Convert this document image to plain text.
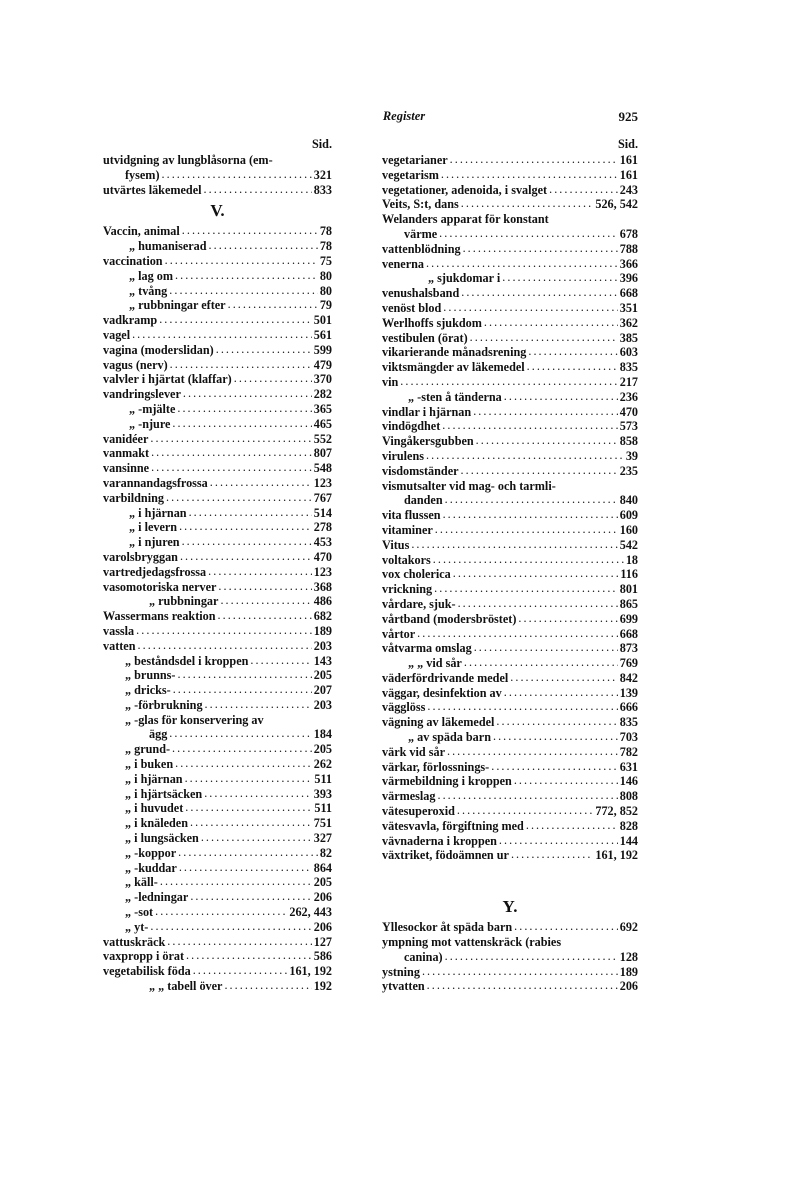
Register	925
Sid.
utvidgning av lungblåsorna (em-
fysem) . . .	321
utvärtes läkemedel . . .	833
V.
Vaccin, animal . . .	78
„ humaniserad . . .	78
vaccination . . .	75
„ lag om . . .	80
„ tvång . . .	80
„ rubbningar efter . . .	79
vadkramp . . .	501
vagel . . .	561
vagina (moderslidan) . . .	599
vagus (nerv) . . .	479
valvler i hjärtat (klaffar) . . .	370
vandringslever . . .	282
„ -mjälte . . .	365
„ -njure . . .	465
vanidéer . . .	552
vanmakt . . .	807
vansinne . . .	548
varannandagsfrossa . . .	123
varbildning . . .	767
„ i hjärnan . . .	514
„ i levern . . .	278
„ i njuren . . .	453
varolsbryggan . . .	470
vartredjedagsfrossa . . .	123
vasomotoriska nerver . . .	368
„ rubbningar . . .	486
Wassermans reaktion . . .	682
vassla . . .	189
vatten . . .	203
„ beståndsdel i kroppen . . .	143
„ brunns- . . .	205
„ dricks- . . .	207
„ -förbrukning . . .	203
„ -glas för konservering av
ägg . . .	184
„ grund- . . .	205
„ i buken . . .	262
„ i hjärnan . . .	511
„ i hjärtsäcken . . .	393
„ i huvudet . . .	511
„ i knäleden . . .	751
„ i lungsäcken . . .	327
„ -koppor . . .	82
„ -kuddar . . .	864
„ käll- . . .	205
„ -ledningar . . .	206
„ -sot . . .	262, 443
„ yt- . . .	206
vattuskräck . . .	127
vaxpropp i örat . . .	586
vegetabilisk föda . . .	161, 192
„ „ tabell över . . .	192
Sid.
vegetarianer . . .	161
vegetarism . . .	161
vegetationer, adenoida, i svalget . . .	243
Veits, S:t, dans . . .	526, 542
Welanders apparat för konstant
värme . . .	678
vattenblödning . . .	788
venerna . . .	366
„ sjukdomar i . . .	396
venushalsband . . .	668
venöst blod . . .	351
Werlhoffs sjukdom . . .	362
vestibulen (örat) . . .	385
vikarierande månadsrening . . .	603
viktsmängder av läkemedel . . .	835
vin . . .	217
„ -sten å tänderna . . .	236
vindlar i hjärnan . . .	470
vindögdhet . . .	573
Vingåkersgubben . . .	858
virulens . . .	39
visdomständer . . .	235
vismutsalter vid mag- och tarmli-
danden . . .	840
vita flussen . . .	609
vitaminer . . .	160
Vitus . . .	542
voltakors . . .	18
vox cholerica . . .	116
vrickning . . .	801
vårdare, sjuk- . . .	865
vårtband (modersbröstet) . . .	699
vårtor . . .	668
våtvarma omslag . . .	873
„ „ vid sår . . .	769
väderfördrivande medel . . .	842
väggar, desinfektion av . . .	139
vägglöss . . .	666
vägning av läkemedel . . .	835
„ av späda barn . . .	703
värk vid sår . . .	782
värkar, förlossnings- . . .	631
värmebildning i kroppen . . .	146
värmeslag . . .	808
vätesuperoxid . . .	772, 852
vätesvavla, förgiftning med . . .	828
vävnaderna i kroppen . . .	144
växtriket, födoämnen ur . . .	161, 192
Y.
Yllesockor åt späda barn . . .	692
ympning mot vattenskräck (rabies
canina) . . .	128
ystning . . .	189
ytvatten . . .	206
